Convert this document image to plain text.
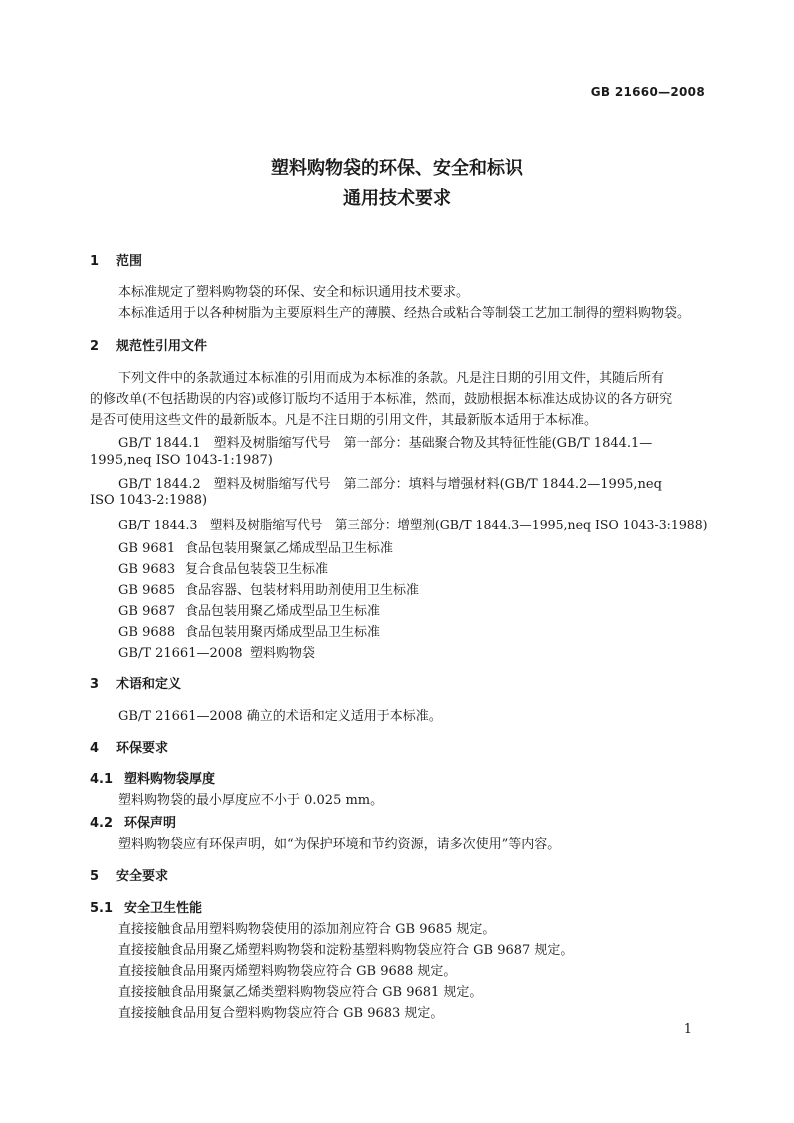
GB 21660—2008
塑料购物袋的环保、安全和标识
通用技术要求
1 范围
本标准规定了塑料购物袋的环保、安全和标识通用技术要求。
本标准适用于以各种树脂为主要原料生产的薄膜、经热合或粘合等制袋工艺加工制得的塑料购物袋。
2 规范性引用文件
下列文件中的条款通过本标准的引用而成为本标准的条款。凡是注日期的引用文件，其随后所有
的修改单(不包括勘误的内容)或修订版均不适用于本标准，然而，鼓励根据本标准达成协议的各方研究
是否可使用这些文件的最新版本。凡是不注日期的引用文件，其最新版本适用于本标准。
GB/T 1844.1　塑料及树脂缩写代号　第一部分：基础聚合物及其特征性能(GB/T 1844.1—
1995,neq ISO 1043-1:1987)
GB/T 1844.2　塑料及树脂缩写代号　第二部分：填料与增强材料(GB/T 1844.2—1995,neq
ISO 1043-2:1988)
GB/T 1844.3　塑料及树脂缩写代号　第三部分：增塑剂(GB/T 1844.3—1995,neq ISO 1043-3:1988)
GB 9681 食品包装用聚氯乙烯成型品卫生标准
GB 9683 复合食品包装袋卫生标准
GB 9685 食品容器、包装材料用助剂使用卫生标准
GB 9687 食品包装用聚乙烯成型品卫生标准
GB 9688 食品包装用聚丙烯成型品卫生标准
GB/T 21661—2008 塑料购物袋
3 术语和定义
GB/T 21661—2008 确立的术语和定义适用于本标准。
4 环保要求
4.1 塑料购物袋厚度
塑料购物袋的最小厚度应不小于 0.025 mm。
4.2 环保声明
塑料购物袋应有环保声明，如“为保护环境和节约资源，请多次使用”等内容。
5 安全要求
5.1 安全卫生性能
直接接触食品用塑料购物袋使用的添加剂应符合 GB 9685 规定。
直接接触食品用聚乙烯塑料购物袋和淀粉基塑料购物袋应符合 GB 9687 规定。
直接接触食品用聚丙烯塑料购物袋应符合 GB 9688 规定。
直接接触食品用聚氯乙烯类塑料购物袋应符合 GB 9681 规定。
直接接触食品用复合塑料购物袋应符合 GB 9683 规定。
1
